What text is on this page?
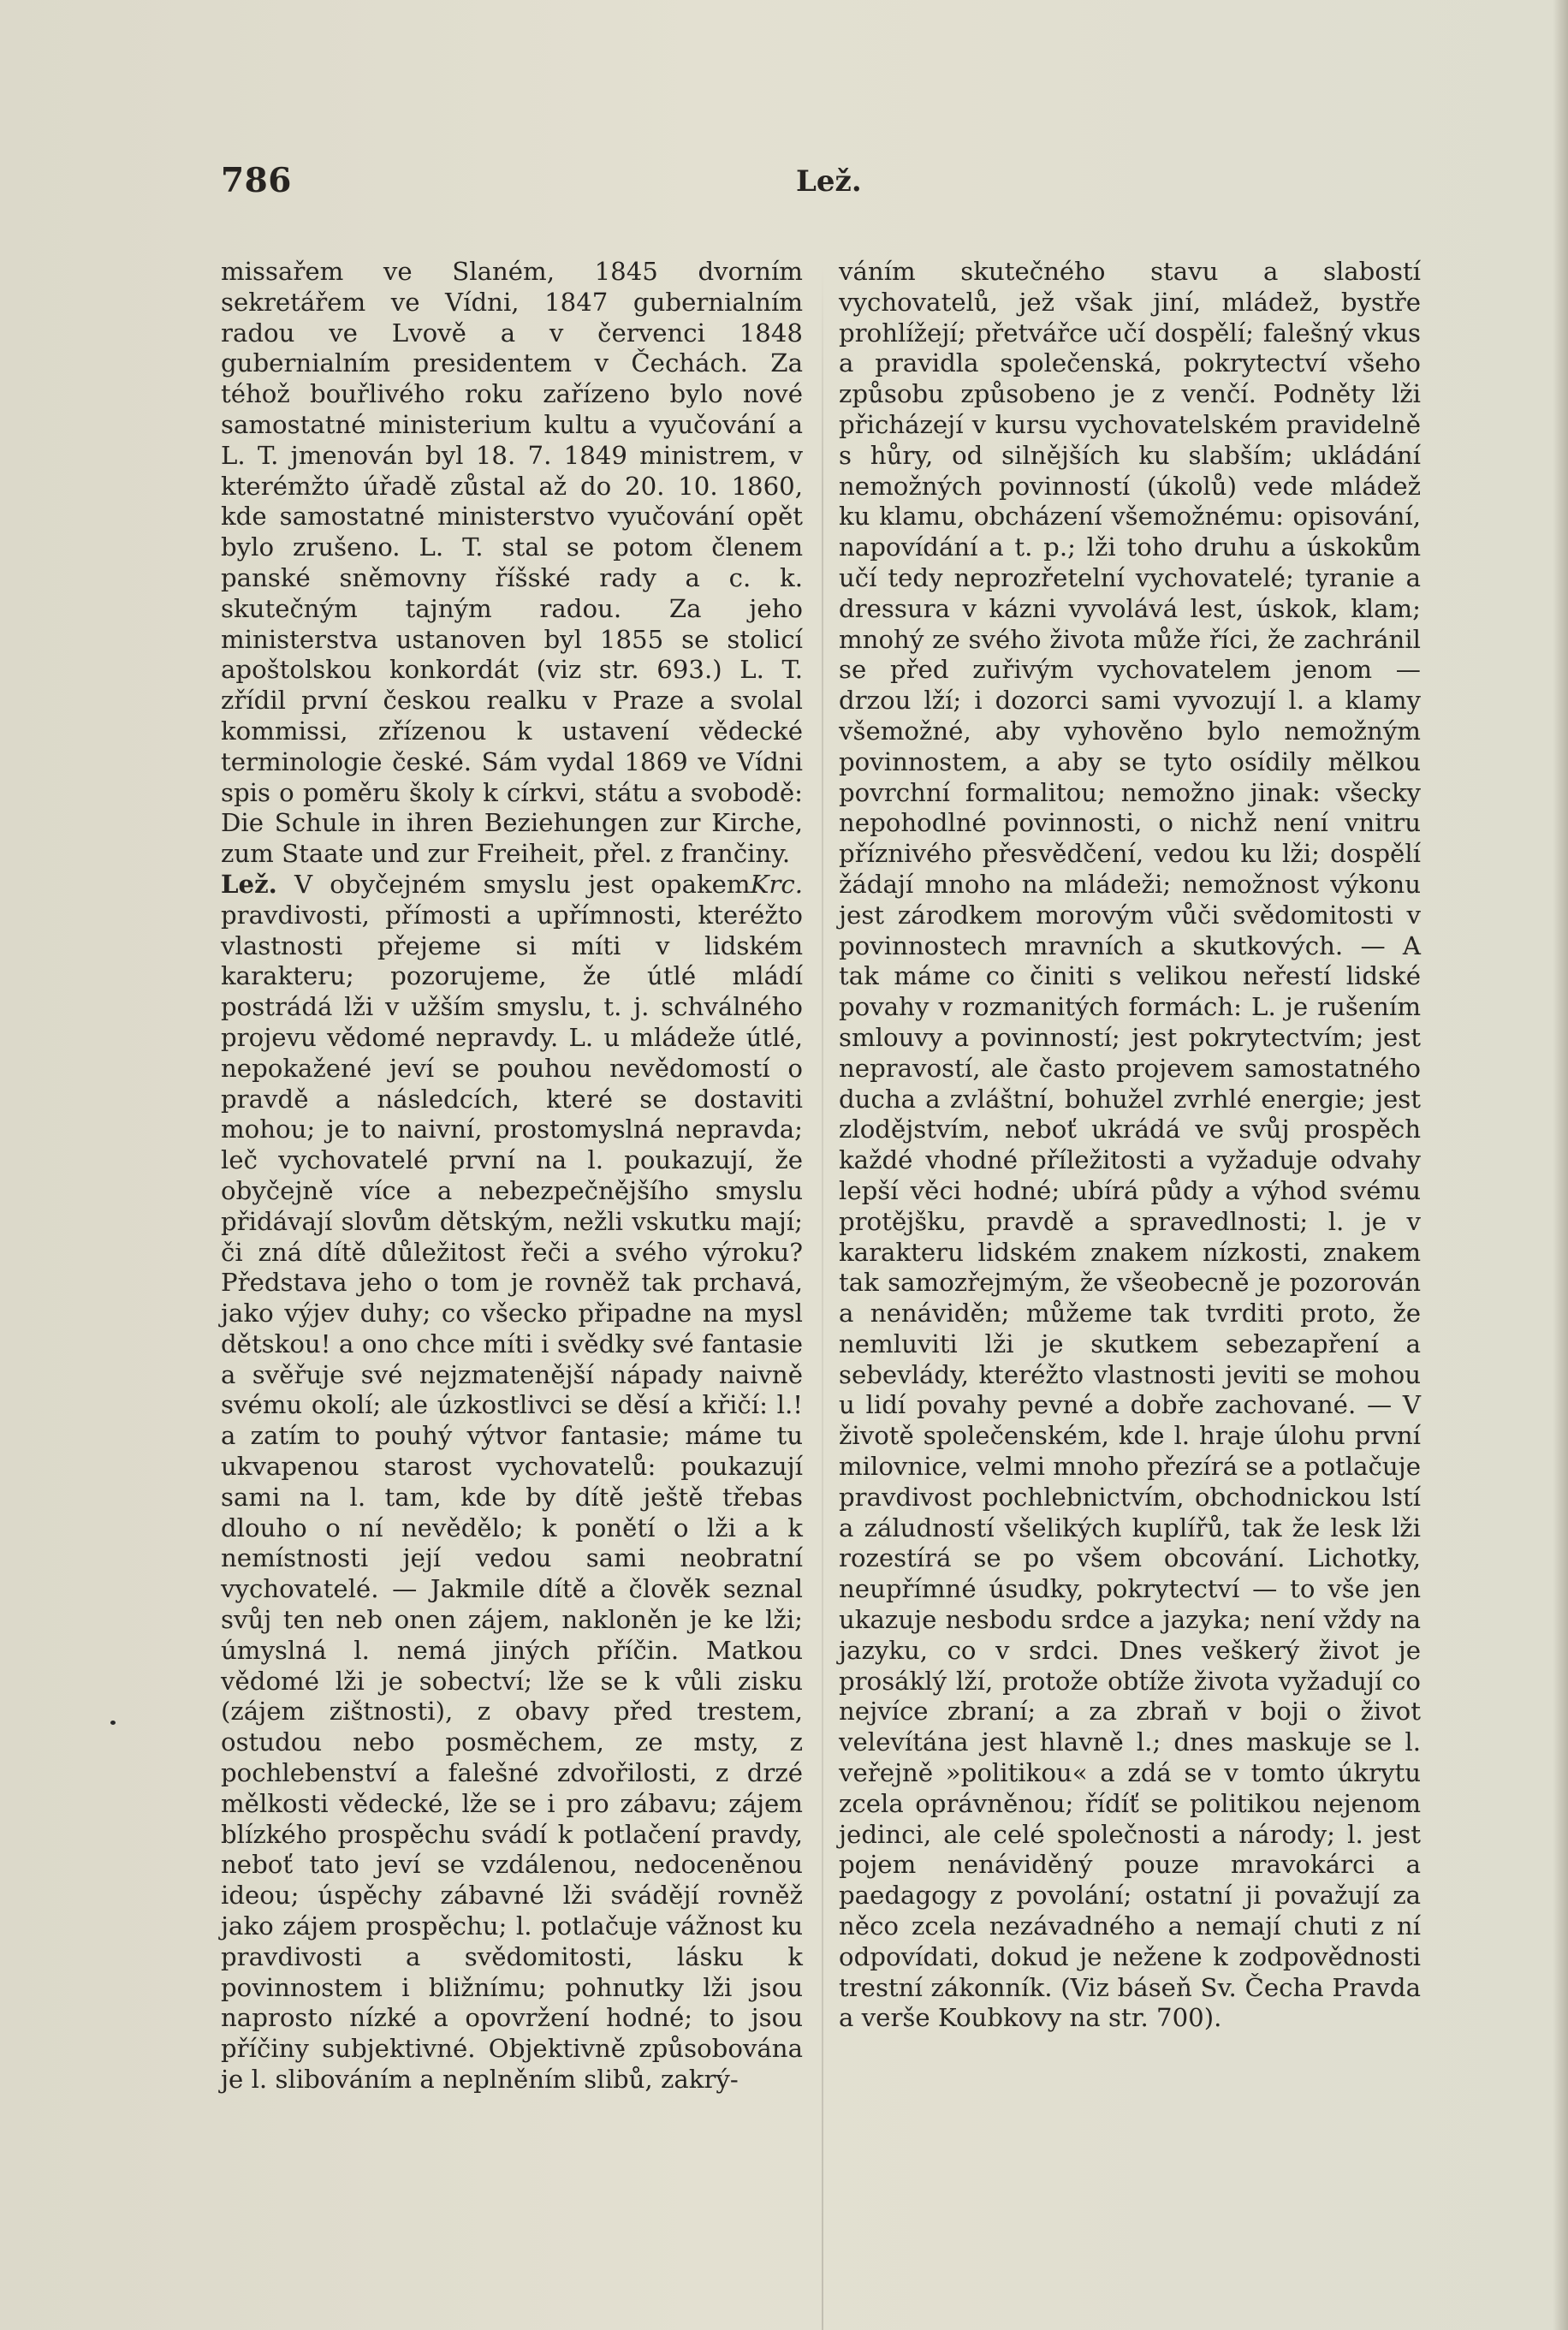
786	Lež.

missařem ve Slaném, 1845 dvorním sekretářem ve Vídni, 1847 gubernialním radou ve Lvově a v červenci 1848 gubernialním presidentem v Čechách. Za téhož bouřlivého roku zařízeno bylo nové samostatné ministerium kultu a vyučování a L. T. jmenován byl 18. 7. 1849 ministrem, v kterémžto úřadě zůstal až do 20. 10. 1860, kde samostatné ministerstvo vyučování opět bylo zrušeno. L. T. stal se potom členem panské sněmovny říšské rady a c. k. skutečným tajným radou. Za jeho ministerstva ustanoven byl 1855 se stolicí apoštolskou konkordát (viz str. 693.) L. T. zřídil první českou realku v Praze a svolal kommissi, zřízenou k ustavení vědecké terminologie české. Sám vydal 1869 ve Vídni spis o poměru školy k církvi, státu a svobodě: Die Schule in ihren Beziehungen zur Kirche, zum Staate und zur Freiheit, přel. z frančiny.
Krc.

Lež. V obyčejném smyslu jest opakem pravdivosti, přímosti a upřímnosti, kteréžto vlastnosti přejeme si míti v lidském karakteru; pozorujeme, že útlé mládí postrádá lži v užším smyslu, t. j. schválného projevu vědomé nepravdy. L. u mládeže útlé, nepokažené jeví se pouhou nevědomostí o pravdě a následcích, které se dostaviti mohou; je to naivní, prostomyslná nepravda; leč vychovatelé první na l. poukazují, že obyčejně více a nebezpečnějšího smyslu přidávají slovům dětským, nežli vskutku mají; či zná dítě důležitost řeči a svého výroku? Představa jeho o tom je rovněž tak prchavá, jako výjev duhy; co všecko připadne na mysl dětskou! a ono chce míti i svědky své fantasie a svěřuje své nejzmatenější nápady naivně svému okolí; ale úzkostlivci se děsí a křičí: l.! a zatím to pouhý výtvor fantasie; máme tu ukvapenou starost vychovatelů: poukazují sami na l. tam, kde by dítě ještě třebas dlouho o ní nevědělo; k ponětí o lži a k nemístnosti její vedou sami neobratní vychovatelé. — Jakmile dítě a člověk seznal svůj ten neb onen zájem, nakloněn je ke lži; úmyslná l. nemá jiných příčin. Matkou vědomé lži je sobectví; lže se k vůli zisku (zájem zištnosti), z obavy před trestem, ostudou nebo posměchem, ze msty, z pochlebenství a falešné zdvořilosti, z drzé mělkosti vědecké, lže se i pro zábavu; zájem blízkého prospěchu svádí k potlačení pravdy, neboť tato jeví se vzdálenou, nedoceněnou ideou; úspěchy zábavné lži svádějí rovněž jako zájem prospěchu; l. potlačuje vážnost ku pravdivosti a svědomitosti, lásku k povinnostem i bližnímu; pohnutky lži jsou naprosto nízké a opovržení hodné; to jsou příčiny subjektivné. Objektivně způsobována je l. slibováním a neplněním slibů, zakrý-

váním skutečného stavu a slabostí vychovatelů, jež však jiní, mládež, bystře prohlížejí; přetvářce učí dospělí; falešný vkus a pravidla společenská, pokrytectví všeho způsobu způsobeno je z venčí. Podněty lži přicházejí v kursu vychovatelském pravidelně s hůry, od silnějších ku slabším; ukládání nemožných povinností (úkolů) vede mládež ku klamu, obcházení všemožnému: opisování, napovídání a t. p.; lži toho druhu a úskokům učí tedy neprozřetelní vychovatelé; tyranie a dressura v kázni vyvolává lest, úskok, klam; mnohý ze svého života může říci, že zachránil se před zuřivým vychovatelem jenom — drzou lží; i dozorci sami vyvozují l. a klamy všemožné, aby vyhověno bylo nemožným povinnostem, a aby se tyto osídily mělkou povrchní formalitou; nemožno jinak: všecky nepohodlné povinnosti, o nichž není vnitru příznivého přesvědčení, vedou ku lži; dospělí žádají mnoho na mládeži; nemožnost výkonu jest zárodkem morovým vůči svědomitosti v povinnostech mravních a skutkových. — A tak máme co činiti s velikou neřestí lidské povahy v rozmanitých formách: L. je rušením smlouvy a povinností; jest pokrytectvím; jest nepravostí, ale často projevem samostatného ducha a zvláštní, bohužel zvrhlé energie; jest zlodějstvím, neboť ukrádá ve svůj prospěch každé vhodné příležitosti a vyžaduje odvahy lepší věci hodné; ubírá půdy a výhod svému protějšku, pravdě a spravedlnosti; l. je v karakteru lidském znakem nízkosti, znakem tak samozřejmým, že všeobecně je pozorován a nenáviděn; můžeme tak tvrditi proto, že nemluviti lži je skutkem sebezapření a sebevlády, kteréžto vlastnosti jeviti se mohou u lidí povahy pevné a dobře zachované. — V životě společenském, kde l. hraje úlohu první milovnice, velmi mnoho přezírá se a potlačuje pravdivost pochlebnictvím, obchodnickou lstí a záludností všelikých kuplířů, tak že lesk lži rozestírá se po všem obcování. Lichotky, neupřímné úsudky, pokrytectví — to vše jen ukazuje nesbodu srdce a jazyka; není vždy na jazyku, co v srdci. Dnes veškerý život je prosáklý lží, protože obtíže života vyžadují co nejvíce zbraní; a za zbraň v boji o život velevítána jest hlavně l.; dnes maskuje se l. veřejně »politikou« a zdá se v tomto úkrytu zcela oprávněnou; řídíť se politikou nejenom jedinci, ale celé společnosti a národy; l. jest pojem nenáviděný pouze mravokárci a paedagogy z povolání; ostatní ji považují za něco zcela nezávadného a nemají chuti z ní odpovídati, dokud je nežene k zodpovědnosti trestní zákonník. (Viz báseň Sv. Čecha Pravda a verše Koubkovy na str. 700).
